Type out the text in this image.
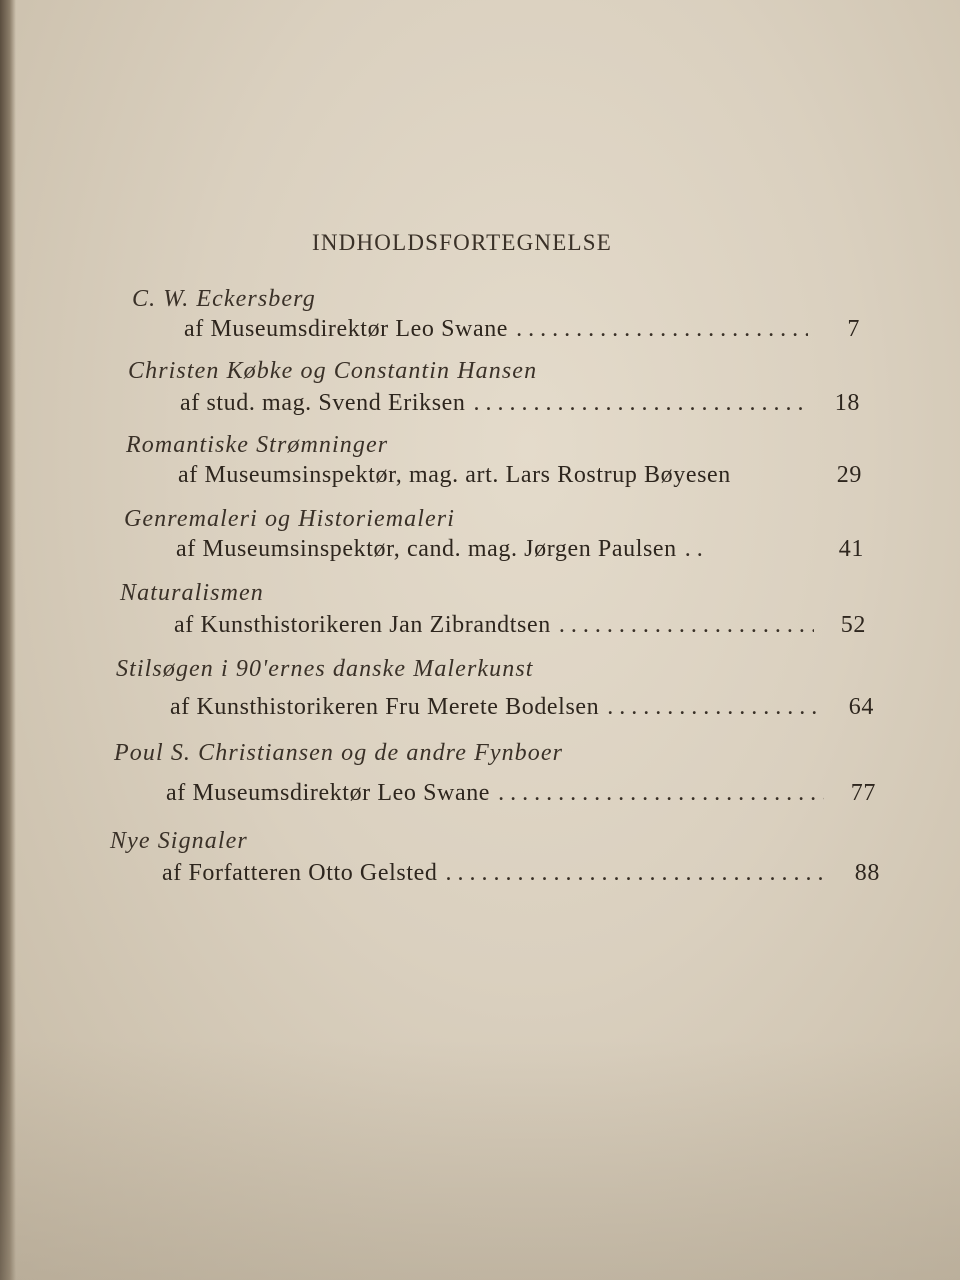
INDHOLDSFORTEGNELSE
C. W. Eckersberg
af Museumsdirektør Leo Swane . . .	7
Christen Købke og Constantin Hansen
af stud. mag. Svend Eriksen . . .	18
Romantiske Strømninger
af Museumsinspektør, mag. art. Lars Rostrup Bøyesen	29
Genremaleri og Historiemaleri
af Museumsinspektør, cand. mag. Jørgen Paulsen . .	41
Naturalismen
af Kunsthistorikeren Jan Zibrandtsen . . .	52
Stilsøgen i 90'ernes danske Malerkunst
af Kunsthistorikeren Fru Merete Bodelsen . . .	64
Poul S. Christiansen og de andre Fynboer
af Museumsdirektør Leo Swane . . .	77
Nye Signaler
af Forfatteren Otto Gelsted . . .	88
